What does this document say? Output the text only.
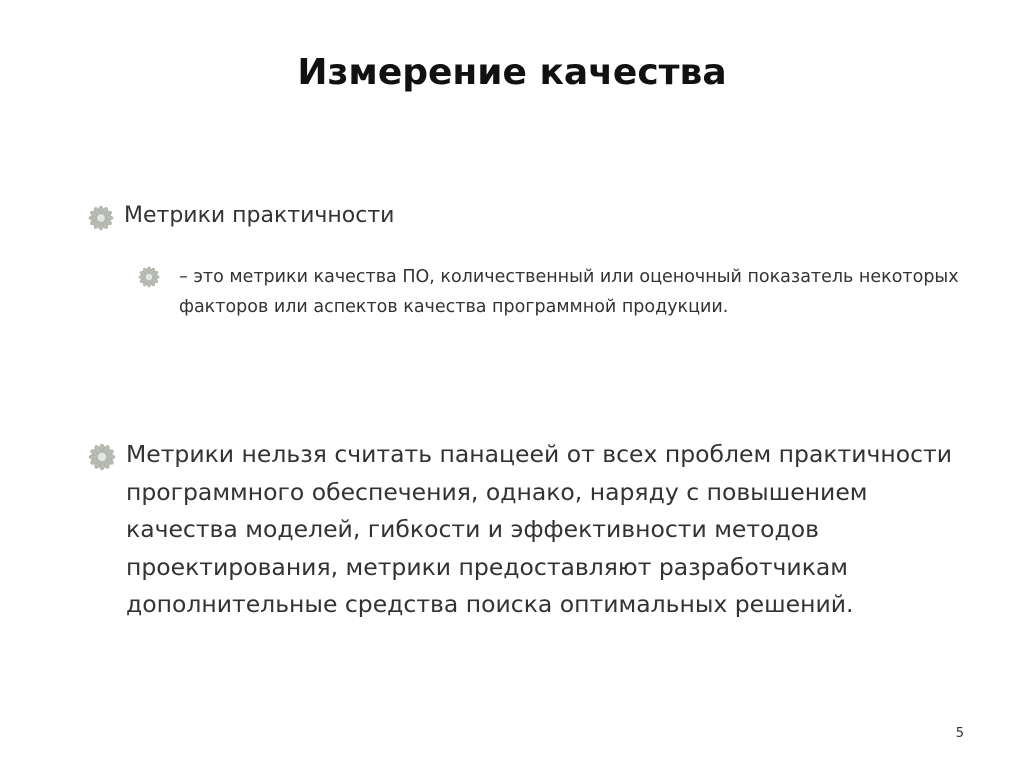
Измерение качества

Метрики практичности

– это метрики качества ПО, количественный или оценочный показатель некоторых факторов или аспектов качества программной продукции.

Метрики нельзя считать панацеей от всех проблем практичности программного обеспечения, однако, наряду с повышением качества моделей, гибкости и эффективности методов проектирования, метрики предоставляют разработчикам дополнительные средства поиска оптимальных решений.

5
